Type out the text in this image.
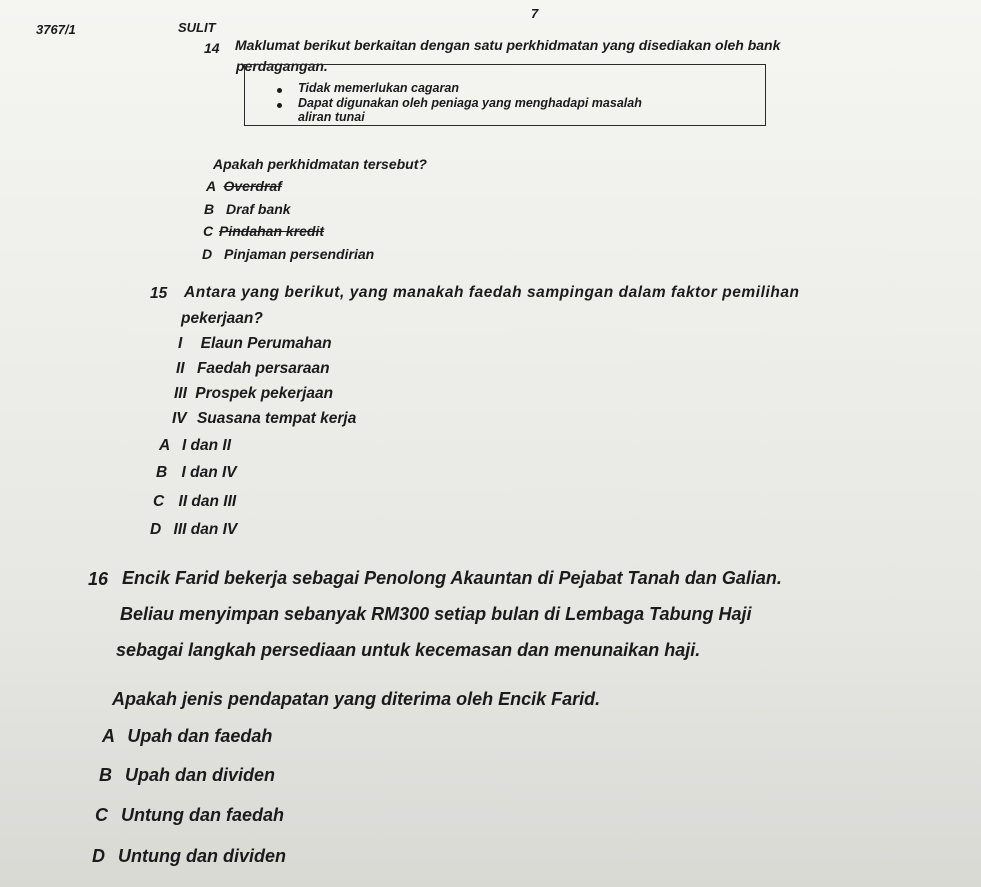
3767/1	SULIT
7
14 Maklumat berikut berkaitan dengan satu perkhidmatan yang disediakan oleh bank
perdagangan.
Tidak memerlukan cagaran
Dapat digunakan oleh peniaga yang menghadapi masalah
aliran tunai
Apakah perkhidmatan tersebut?
A Overdraf
B Draf bank
C Pindahan kredit
D Pinjaman persendirian
15 Antara yang berikut, yang manakah faedah sampingan dalam faktor pemilihan
pekerjaan?
I Elaun Perumahan
II Faedah persaraan
III Prospek pekerjaan
IV Suasana tempat kerja
A I dan II
B I dan IV
C II dan III
D III dan IV
16 Encik Farid bekerja sebagai Penolong Akauntan di Pejabat Tanah dan Galian.
Beliau menyimpan sebanyak RM300 setiap bulan di Lembaga Tabung Haji
sebagai langkah persediaan untuk kecemasan dan menunaikan haji.
Apakah jenis pendapatan yang diterima oleh Encik Farid.
A Upah dan faedah
B Upah dan dividen
C Untung dan faedah
D Untung dan dividen
